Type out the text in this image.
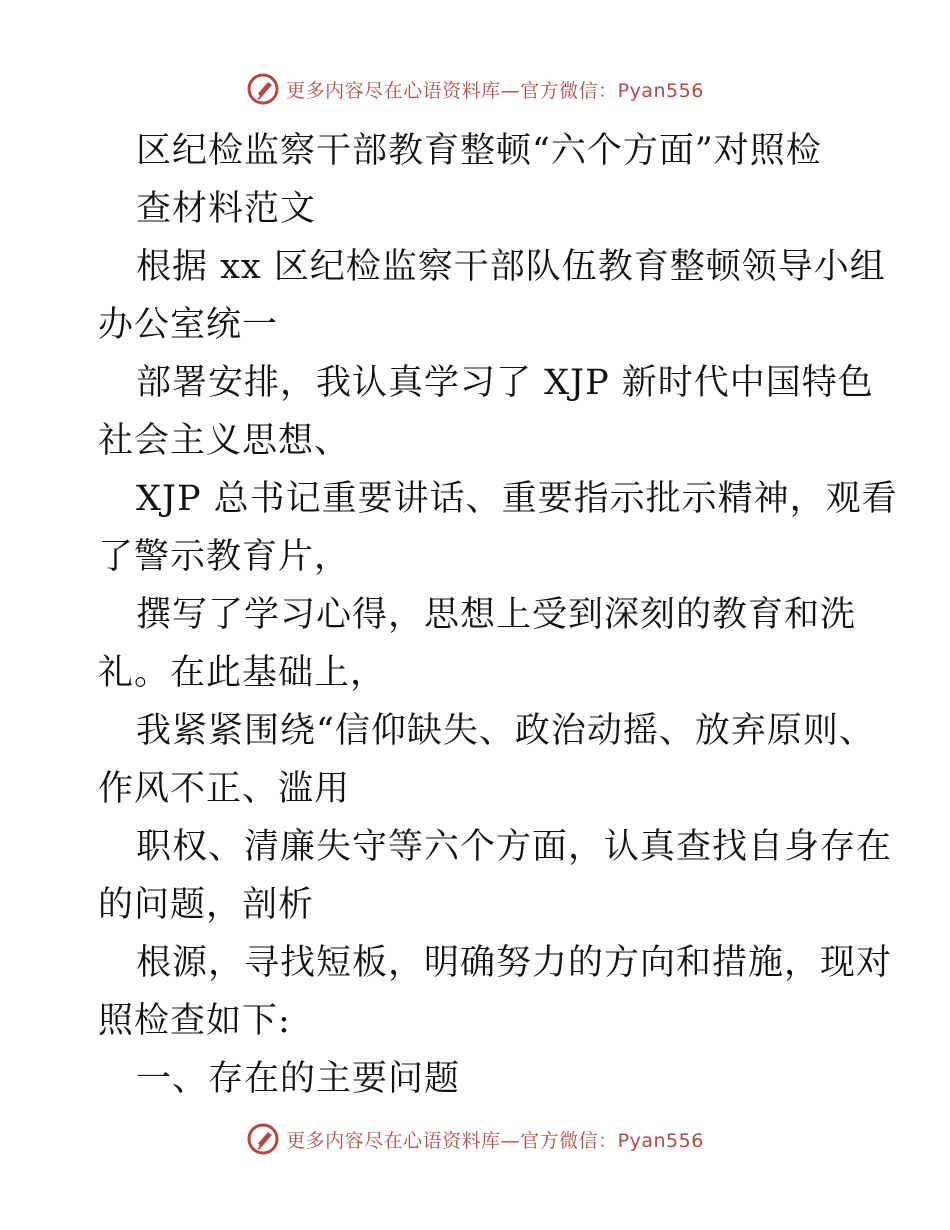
更多内容尽在心语资料库—官方微信：Pyan556
区纪检监察干部教育整顿“六个方面”对照检
查材料范文
根据 xx 区纪检监察干部队伍教育整顿领导小组
办公室统一
部署安排，我认真学习了 XJP 新时代中国特色
社会主义思想、
XJP 总书记重要讲话、重要指示批示精神，观看
了警示教育片，
撰写了学习心得，思想上受到深刻的教育和洗
礼。在此基础上，
我紧紧围绕“信仰缺失、政治动摇、放弃原则、
作风不正、滥用
职权、清廉失守等六个方面，认真查找自身存在
的问题，剖析
根源，寻找短板，明确努力的方向和措施，现对
照检查如下:
一、存在的主要问题
更多内容尽在心语资料库—官方微信：Pyan556
